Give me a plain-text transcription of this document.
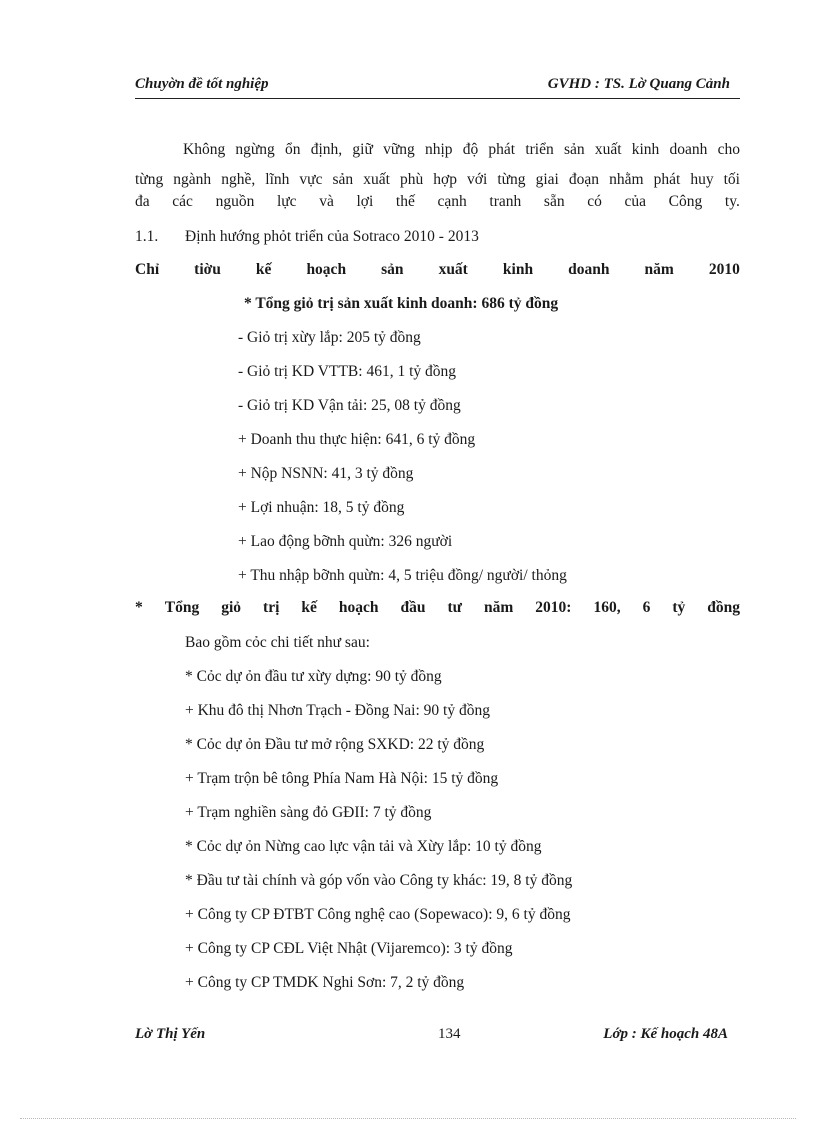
Chuyờn đề tốt nghiệp	GVHD : TS. Lờ Quang Cảnh
Không ngừng ổn định, giữ vững nhịp độ phát triển sản xuất kinh doanh cho
từng ngành nghề, lĩnh vực sản xuất phù hợp với từng giai đoạn nhằm phát huy tối
đa các nguồn lực và lợi thế cạnh tranh sẵn có của Công ty.
1.1. Định hướng phỏt triển của Sotraco 2010 - 2013
Chỉ tiờu kế hoạch sản xuất kinh doanh năm 2010
* Tổng giỏ trị sản xuất kinh doanh: 686 tỷ đồng
- Giỏ trị xừy lắp: 205 tỷ đồng
- Giỏ trị KD VTTB: 461, 1 tỷ đồng
- Giỏ trị KD Vận tải: 25, 08 tỷ đồng
+ Doanh thu thực hiện: 641, 6 tỷ đồng
+ Nộp NSNN: 41, 3 tỷ đồng
+ Lợi nhuận: 18, 5 tỷ đồng
+ Lao động bỡnh quừn: 326 người
+ Thu nhập bỡnh quừn: 4, 5 triệu đồng/ người/ thỏng
* Tổng giỏ trị kế hoạch đầu tư năm 2010: 160, 6 tỷ đồng
Bao gồm cỏc chi tiết như sau:
* Cỏc dự ỏn đầu tư xừy dựng: 90 tỷ đồng
+ Khu đô thị Nhơn Trạch - Đồng Nai: 90 tỷ đồng
* Cỏc dự ỏn Đầu tư mở rộng SXKD: 22 tỷ đồng
+ Trạm trộn bê tông Phía Nam Hà Nội: 15 tỷ đồng
+ Trạm nghiền sàng đỏ GĐII: 7 tỷ đồng
* Cỏc dự ỏn Nừng cao lực vận tải và Xừy lắp: 10 tỷ đồng
* Đầu tư tài chính và góp vốn vào Công ty khác: 19, 8 tỷ đồng
+ Công ty CP ĐTBT Công nghệ cao (Sopewaco): 9, 6 tỷ đồng
+ Công ty CP CĐL Việt Nhật (Vijaremco): 3 tỷ đồng
+ Công ty CP TMDK Nghi Sơn: 7, 2 tỷ đồng
Lờ Thị Yến	134	Lớp : Kế hoạch 48A
